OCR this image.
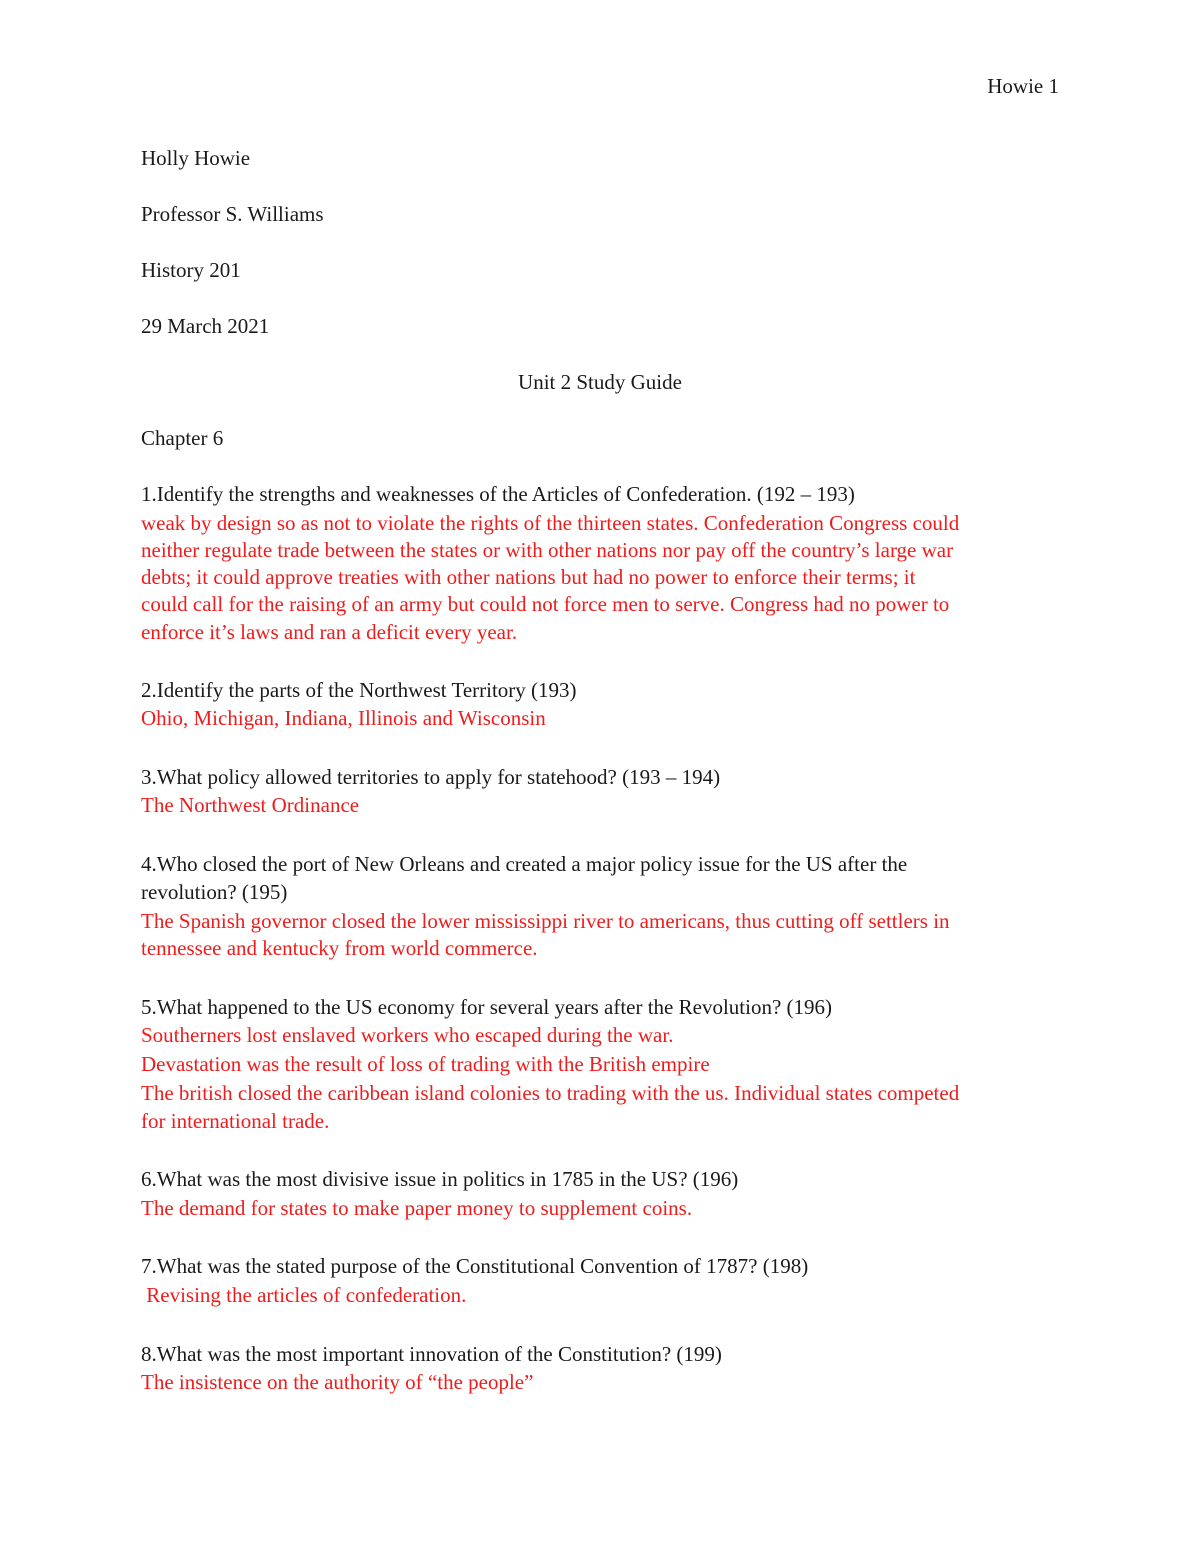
Howie 1

Holly Howie

Professor S. Williams

History 201

29 March 2021

Unit 2 Study Guide

Chapter 6

1.Identify the strengths and weaknesses of the Articles of Confederation. (192 – 193)

weak by design so as not to violate the rights of the thirteen states. Confederation Congress could

neither regulate trade between the states or with other nations nor pay off the country’s large war

debts; it could approve treaties with other nations but had no power to enforce their terms; it

could call for the raising of an army but could not force men to serve. Congress had no power to

enforce it’s laws and ran a deficit every year.

2.Identify the parts of the Northwest Territory (193)

Ohio, Michigan, Indiana, Illinois and Wisconsin

3.What policy allowed territories to apply for statehood? (193 – 194)

The Northwest Ordinance

4.Who closed the port of New Orleans and created a major policy issue for the US after the

revolution? (195)

The Spanish governor closed the lower mississippi river to americans, thus cutting off settlers in

tennessee and kentucky from world commerce.

5.What happened to the US economy for several years after the Revolution? (196)

Southerners lost enslaved workers who escaped during the war.

Devastation was the result of loss of trading with the British empire

The british closed the caribbean island colonies to trading with the us. Individual states competed

for international trade.

6.What was the most divisive issue in politics in 1785 in the US? (196)

The demand for states to make paper money to supplement coins.

7.What was the stated purpose of the Constitutional Convention of 1787? (198)

Revising the articles of confederation.

8.What was the most important innovation of the Constitution? (199)

The insistence on the authority of “the people”
